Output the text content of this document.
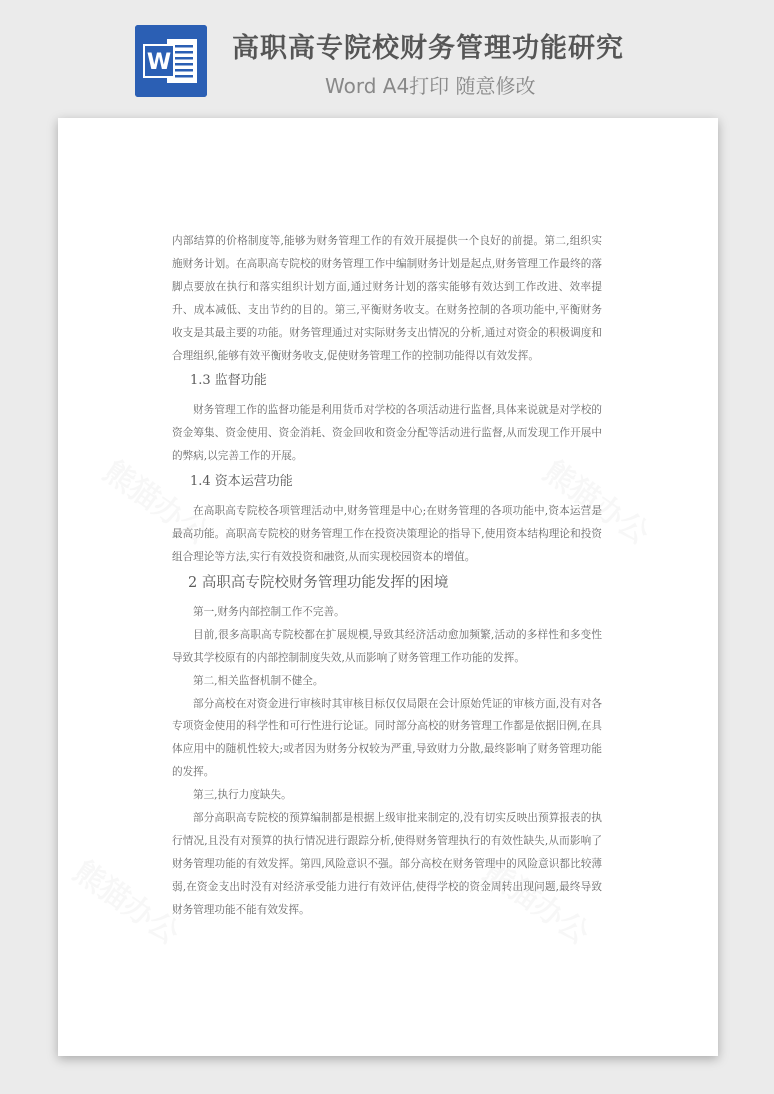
W 高职高专院校财务管理功能研究
Word A4打印 随意修改
熊猫办公	熊猫办公
熊猫办公	熊猫办公

内部结算的价格制度等,能够为财务管理工作的有效开展提供一个良好的前提。第二,组织实施财务计划。在高职高专院校的财务管理工作中编制财务计划是起点,财务管理工作最终的落脚点要放在执行和落实组织计划方面,通过财务计划的落实能够有效达到工作改进、效率提升、成本减低、支出节约的目的。第三,平衡财务收支。在财务控制的各项功能中,平衡财务收支是其最主要的功能。财务管理通过对实际财务支出情况的分析,通过对资金的积极调度和合理组织,能够有效平衡财务收支,促使财务管理工作的控制功能得以有效发挥。

1.3 监督功能

财务管理工作的监督功能是利用货币对学校的各项活动进行监督,具体来说就是对学校的资金筹集、资金使用、资金消耗、资金回收和资金分配等活动进行监督,从而发现工作开展中的弊病,以完善工作的开展。

1.4 资本运营功能

在高职高专院校各项管理活动中,财务管理是中心;在财务管理的各项功能中,资本运营是最高功能。高职高专院校的财务管理工作在投资决策理论的指导下,使用资本结构理论和投资组合理论等方法,实行有效投资和融资,从而实现校园资本的增值。

2 高职高专院校财务管理功能发挥的困境

第一,财务内部控制工作不完善。

目前,很多高职高专院校都在扩展规模,导致其经济活动愈加频繁,活动的多样性和多变性导致其学校原有的内部控制制度失效,从而影响了财务管理工作功能的发挥。

第二,相关监督机制不健全。

部分高校在对资金进行审核时其审核目标仅仅局限在会计原始凭证的审核方面,没有对各专项资金使用的科学性和可行性进行论证。同时部分高校的财务管理工作都是依据旧例,在具体应用中的随机性较大;或者因为财务分权较为严重,导致财力分散,最终影响了财务管理功能的发挥。

第三,执行力度缺失。

部分高职高专院校的预算编制都是根据上级审批来制定的,没有切实反映出预算报表的执行情况,且没有对预算的执行情况进行跟踪分析,使得财务管理执行的有效性缺失,从而影响了财务管理功能的有效发挥。第四,风险意识不强。部分高校在财务管理中的风险意识都比较薄弱,在资金支出时没有对经济承受能力进行有效评估,使得学校的资金周转出现问题,最终导致财务管理功能不能有效发挥。
